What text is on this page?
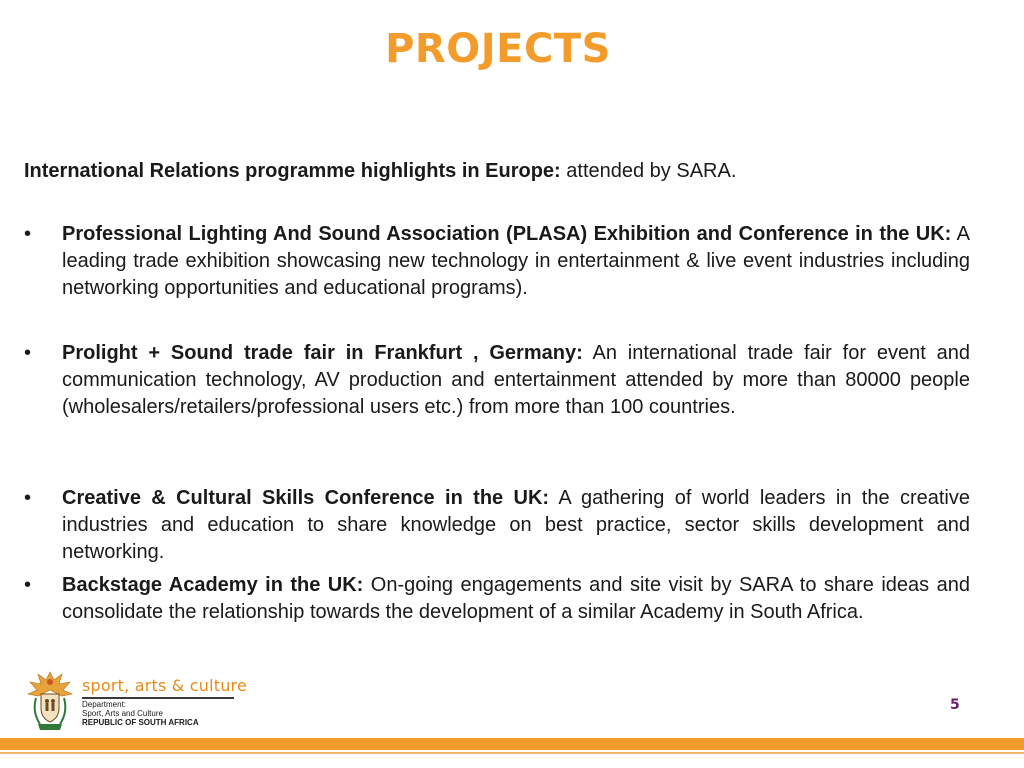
PROJECTS
International Relations programme highlights in Europe: attended by SARA.
•	Professional Lighting And Sound Association (PLASA) Exhibition and Conference in the UK: A leading trade exhibition showcasing new technology in entertainment & live event industries including networking opportunities and educational programs).
•	Prolight + Sound trade fair in Frankfurt , Germany: An international trade fair for event and communication technology, AV production and entertainment attended by more than 80000 people (wholesalers/retailers/professional users etc.) from more than 100 countries.
•	Creative & Cultural Skills Conference in the UK: A gathering of world leaders in the creative industries and education to share knowledge on best practice, sector skills development and networking.
•	Backstage Academy in the UK: On-going engagements and site visit by SARA to share ideas and consolidate the relationship towards the development of a similar Academy in South Africa.
sport, arts & culture
Department:
Sport, Arts and Culture
REPUBLIC OF SOUTH AFRICA
5
